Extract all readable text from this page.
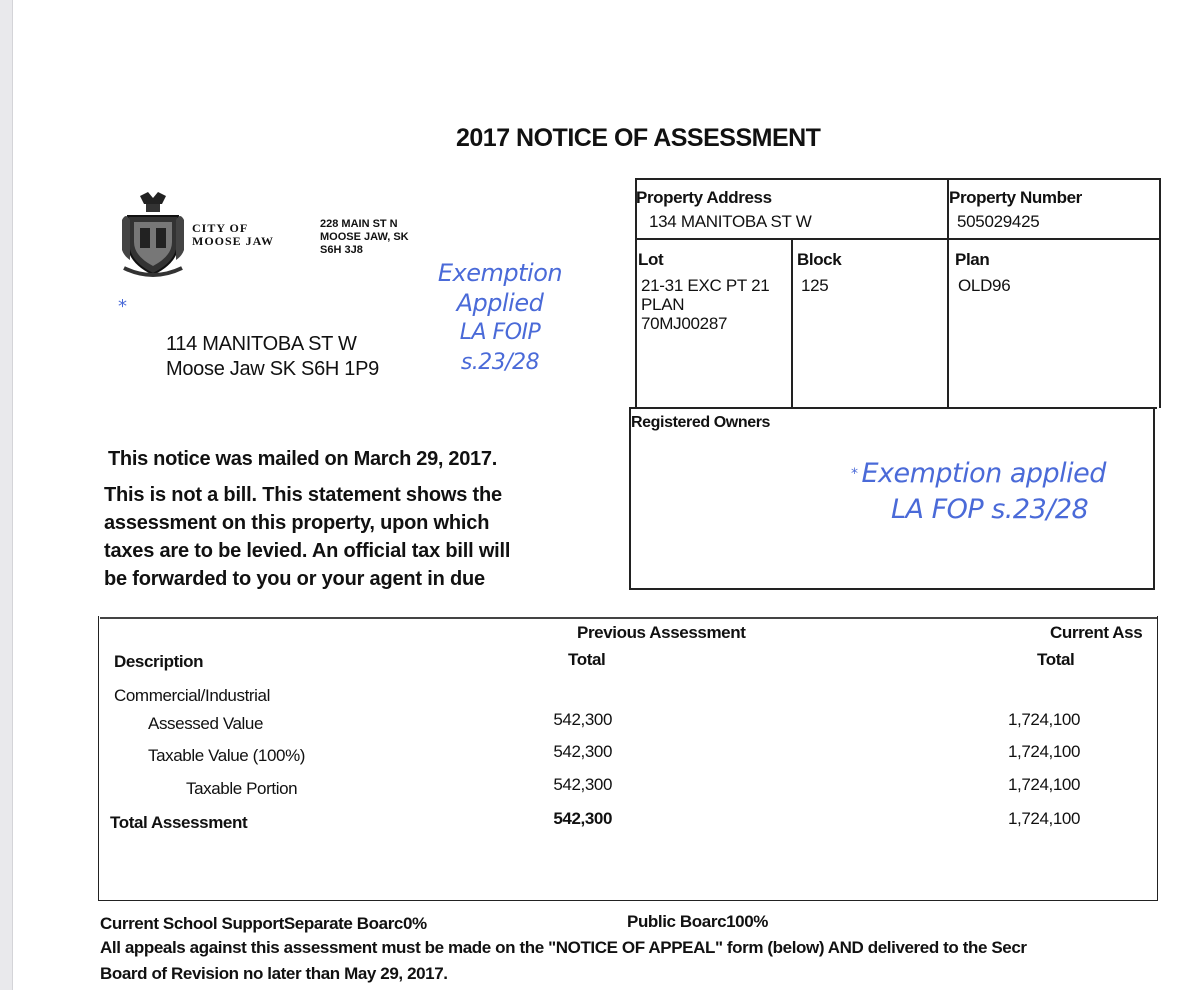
2017 NOTICE OF ASSESSMENT
CITY OF
MOOSE JAW
228 MAIN ST N
MOOSE JAW, SK
S6H 3J8
*
114 MANITOBA ST W
Moose Jaw SK S6H 1P9
Exemption
Applied
LA FOIP
s.23/28
This notice was mailed on March 29, 2017.
This is not a bill. This statement shows the
assessment on this property, upon which
taxes are to be levied. An official tax bill will
be forwarded to you or your agent in due
Property Address
134 MANITOBA ST W
Property Number
505029425
Lot
21-31 EXC PT 21
PLAN
70MJ00287
Block
125
Plan
OLD96
Registered Owners
* Exemption applied
LA FOP s.23/28
Previous Assessment	Current Ass
Description	Total	Total
Commercial/Industrial
Assessed Value	542,300	1,724,100
Taxable Value (100%)	542,300	1,724,100
Taxable Portion	542,300	1,724,100
Total Assessment	542,300	1,724,100
Current School SupportSeparate Boarc0%	Public Boarc100%
All appeals against this assessment must be made on the "NOTICE OF APPEAL" form (below) AND delivered to the Secr
Board of Revision no later than May 29, 2017.
